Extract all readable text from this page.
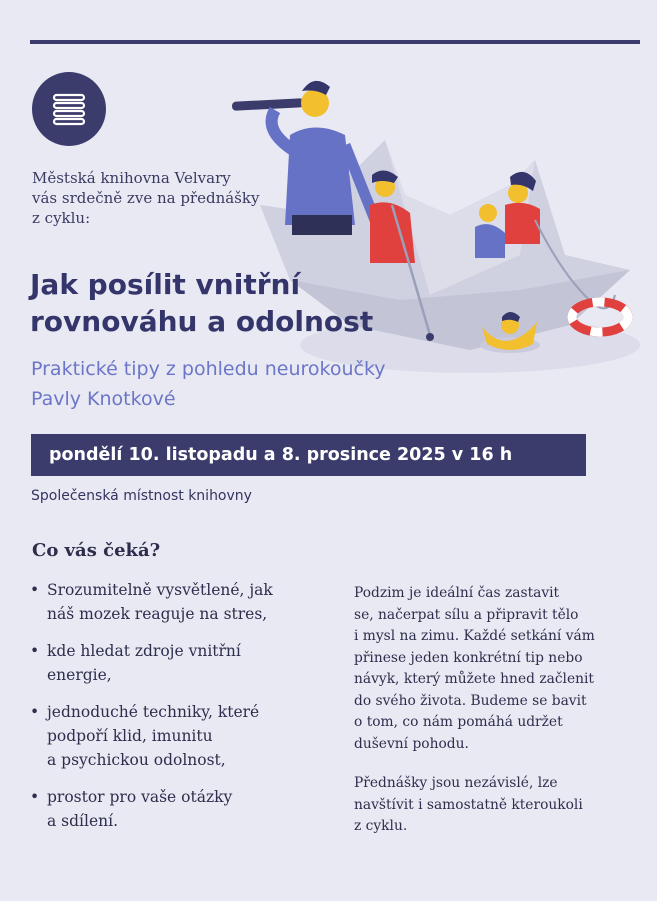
Městská knihovna Velvary
vás srdečně zve na přednášky
z cyklu:
Jak posílit vnitřní
rovnováhu a odolnost
Praktické tipy z pohledu neurokoučky
Pavly Knotkové
pondělí 10. listopadu a 8. prosince 2025 v 16 h
Společenská místnost knihovny
Co vás čeká?
• Srozumitelně vysvětlené, jak
náš mozek reaguje na stres,
• kde hledat zdroje vnitřní
energie,
• jednoduché techniky, které
podpoří klid, imunitu
a psychickou odolnost,
• prostor pro vaše otázky
a sdílení.
Podzim je ideální čas zastavit
se, načerpat sílu a připravit tělo
i mysl na zimu. Každé setkání vám
přinese jeden konkrétní tip nebo
návyk, který můžete hned začlenit
do svého života. Budeme se bavit
o tom, co nám pomáhá udržet
duševní pohodu.
Přednášky jsou nezávislé, lze
navštívit i samostatně kteroukoli
z cyklu.
